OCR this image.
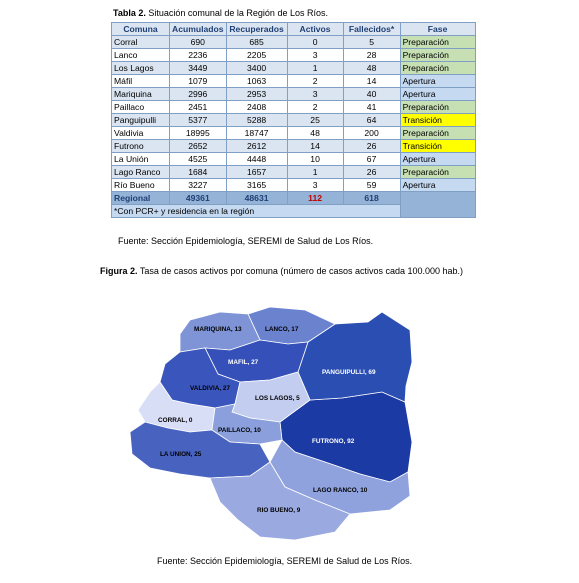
Tabla 2. Situación comunal de la Región de Los Ríos.
Comuna	Acumulados	Recuperados	Activos	Fallecidos*	Fase
Corral	690	685	0	5	Preparación
Lanco	2236	2205	3	28	Preparación
Los Lagos	3449	3400	1	48	Preparación
Máfil	1079	1063	2	14	Apertura
Mariquina	2996	2953	3	40	Apertura
Paillaco	2451	2408	2	41	Preparación
Panguipulli	5377	5288	25	64	Transición
Valdivia	18995	18747	48	200	Preparación
Futrono	2652	2612	14	26	Transición
La Unión	4525	4448	10	67	Apertura
Lago Ranco	1684	1657	1	26	Preparación
Río Bueno	3227	3165	3	59	Apertura
Regional	49361	48631	112	618	
*Con PCR+ y residencia en la región					
Fuente: Sección Epidemiología, SEREMI de Salud de Los Ríos.
Figura 2. Tasa de casos activos por comuna (número de casos activos cada 100.000 hab.)
MARIQUINA, 13	LANCO, 17
MAFIL, 27
PANGUIPULLI, 69
VALDIVIA, 27
LOS LAGOS, 5
CORRAL, 0
PAILLACO, 10
FUTRONO, 92
LA UNION, 25
LAGO RANCO, 10
RIO BUENO, 9
Fuente: Sección Epidemiología, SEREMI de Salud de Los Ríos.
